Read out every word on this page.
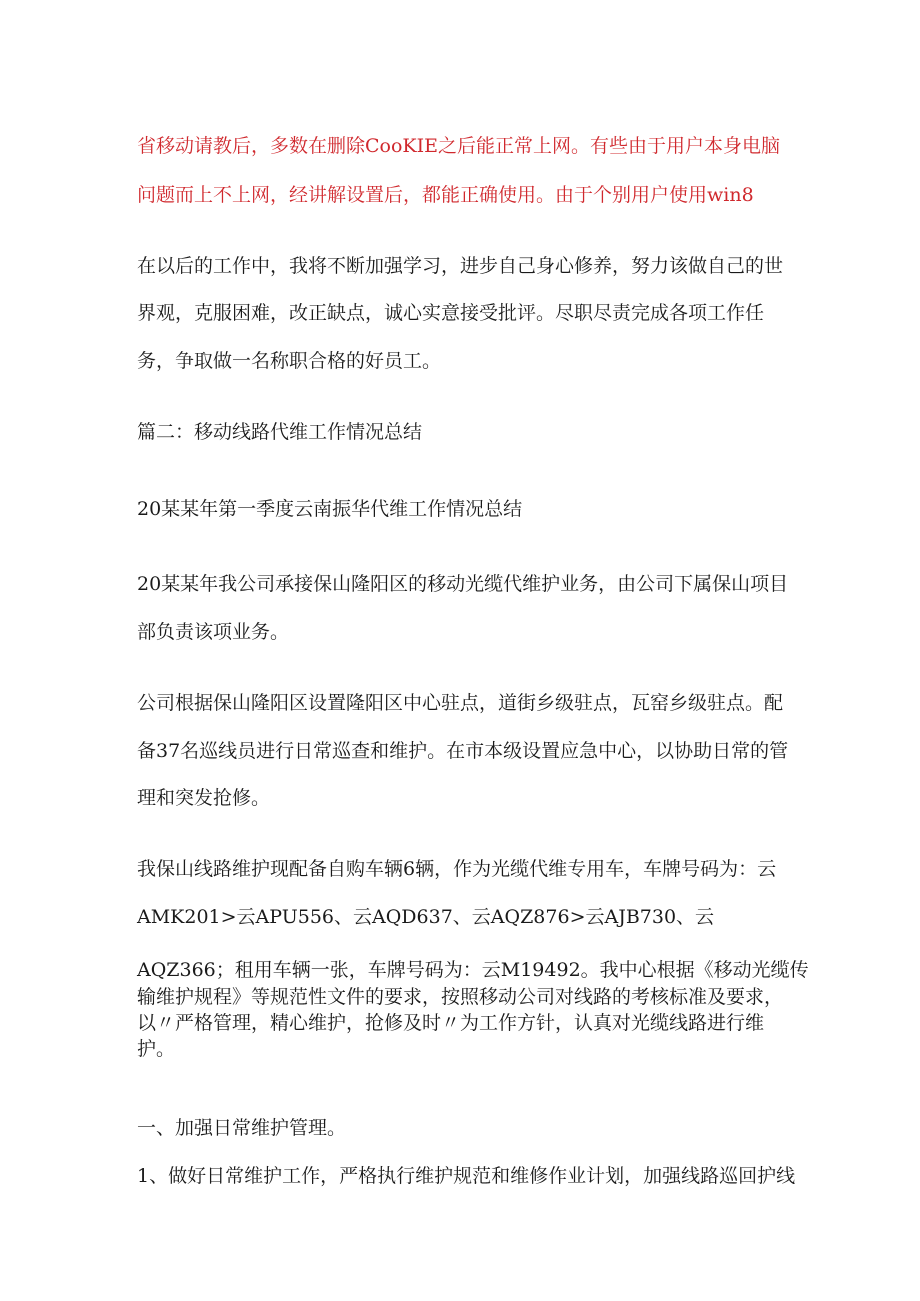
省移动请教后，多数在删除CooKIE之后能正常上网。有些由于用户本身电脑
问题而上不上网，经讲解设置后，都能正确使用。由于个别用户使用win8
在以后的工作中，我将不断加强学习，进步自己身心修养，努力该做自己的世
界观，克服困难，改正缺点，诚心实意接受批评。尽职尽责完成各项工作任
务，争取做一名称职合格的好员工。
篇二：移动线路代维工作情况总结
20某某年第一季度云南振华代维工作情况总结
20某某年我公司承接保山隆阳区的移动光缆代维护业务，由公司下属保山项目
部负责该项业务。
公司根据保山隆阳区设置隆阳区中心驻点，道街乡级驻点，瓦窑乡级驻点。配
备37名巡线员进行日常巡查和维护。在市本级设置应急中心，以协助日常的管
理和突发抢修。
我保山线路维护现配备自购车辆6辆，作为光缆代维专用车，车牌号码为：云
AMK201>云APU556、云AQD637、云AQZ876>云AJB730、云
AQZ366；租用车辆一张，车牌号码为：云M19492。我中心根据《移动光缆传
输维护规程》等规范性文件的要求，按照移动公司对线路的考核标准及要求，
以〃严格管理，精心维护，抢修及时〃为工作方针，认真对光缆线路进行维
护。
一、加强日常维护管理。
1、做好日常维护工作，严格执行维护规范和维修作业计划，加强线路巡回护线
